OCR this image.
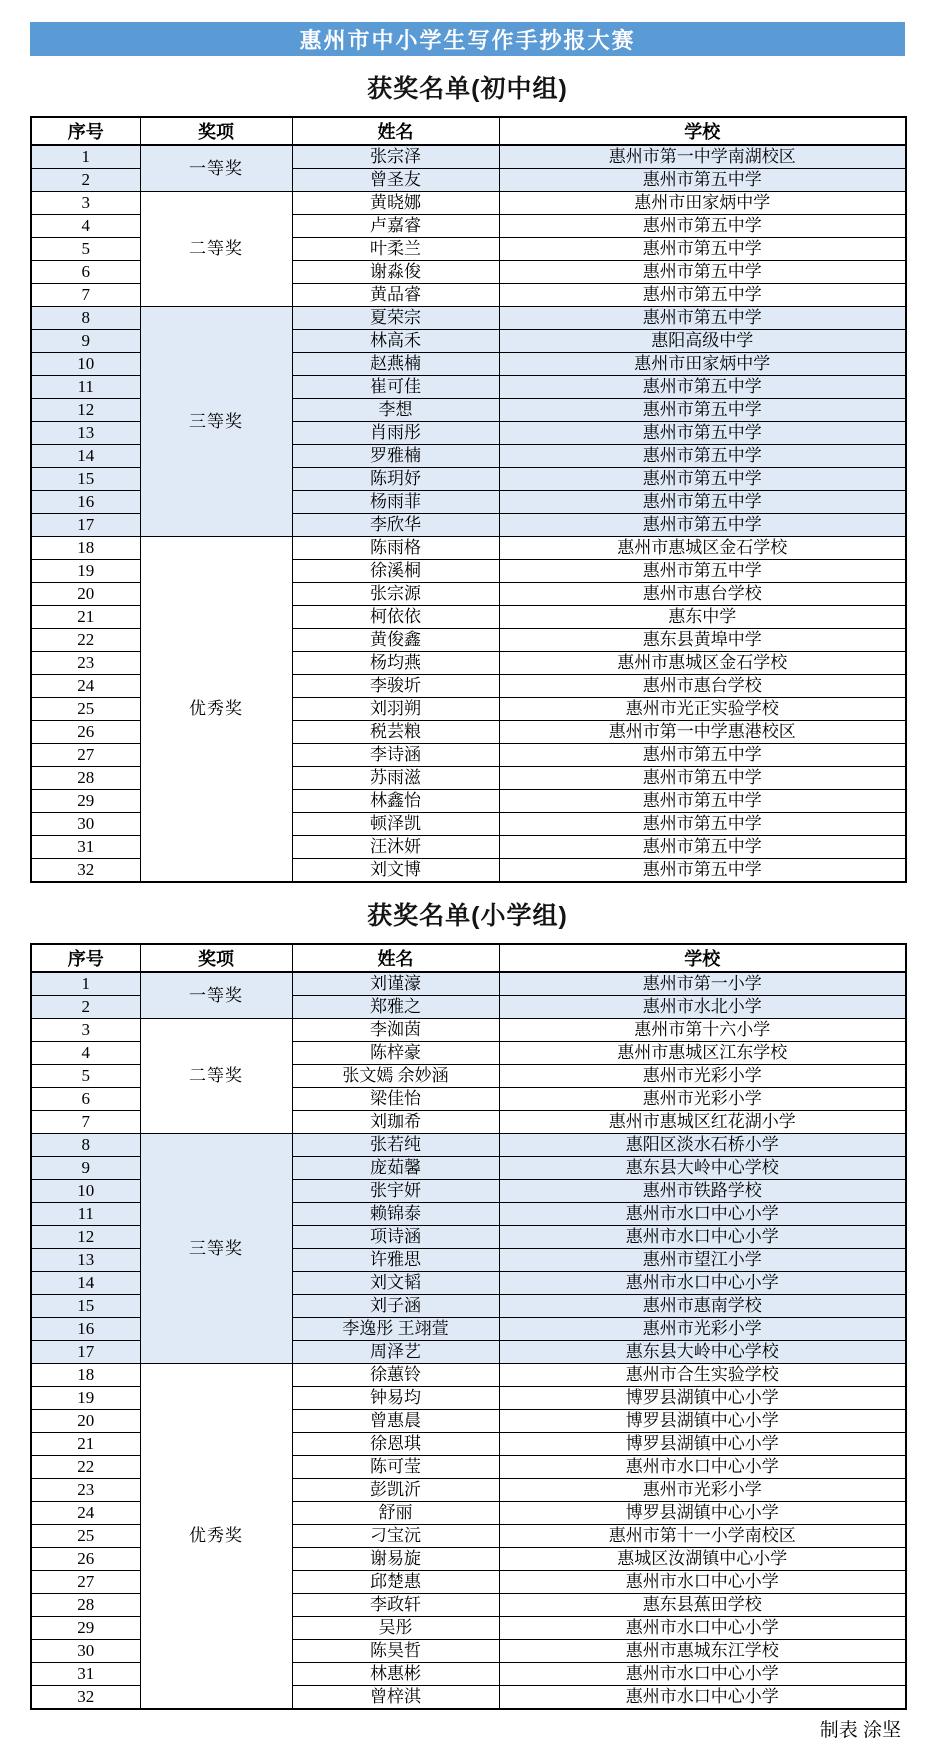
惠州市中小学生写作手抄报大赛
获奖名单(初中组)
序号	奖项	姓名	学校
1	一等奖	张宗泽	惠州市第一中学南湖校区
2		曾圣友	惠州市第五中学
3	二等奖	黄晓娜	惠州市田家炳中学
4		卢嘉睿	惠州市第五中学
5		叶柔兰	惠州市第五中学
6		谢淼俊	惠州市第五中学
7		黄品睿	惠州市第五中学
8	三等奖	夏荣宗	惠州市第五中学
9		林高禾	惠阳高级中学
10		赵燕楠	惠州市田家炳中学
11		崔可佳	惠州市第五中学
12		李想	惠州市第五中学
13		肖雨彤	惠州市第五中学
14		罗雅楠	惠州市第五中学
15		陈玥妤	惠州市第五中学
16		杨雨菲	惠州市第五中学
17		李欣华	惠州市第五中学
18	优秀奖	陈雨格	惠州市惠城区金石学校
19		徐溪桐	惠州市第五中学
20		张宗源	惠州市惠台学校
21		柯依依	惠东中学
22		黄俊鑫	惠东县黄埠中学
23		杨均燕	惠州市惠城区金石学校
24		李骏圻	惠州市惠台学校
25		刘羽朔	惠州市光正实验学校
26		税芸粮	惠州市第一中学惠港校区
27		李诗涵	惠州市第五中学
28		苏雨滋	惠州市第五中学
29		林鑫怡	惠州市第五中学
30		顿泽凯	惠州市第五中学
31		汪沐妍	惠州市第五中学
32		刘文博	惠州市第五中学
获奖名单(小学组)
序号	奖项	姓名	学校
1	一等奖	刘谨濠	惠州市第一小学
2		郑雅之	惠州市水北小学
3	二等奖	李洳茵	惠州市第十六小学
4		陈梓豪	惠州市惠城区江东学校
5		张文嫣 余妙涵	惠州市光彩小学
6		梁佳怡	惠州市光彩小学
7		刘珈希	惠州市惠城区红花湖小学
8	三等奖	张若纯	惠阳区淡水石桥小学
9		庞茹馨	惠东县大岭中心学校
10		张宇妍	惠州市铁路学校
11		赖锦泰	惠州市水口中心小学
12		项诗涵	惠州市水口中心小学
13		许雅思	惠州市望江小学
14		刘文韬	惠州市水口中心小学
15		刘子涵	惠州市惠南学校
16		李逸彤 王翊萱	惠州市光彩小学
17		周泽艺	惠东县大岭中心学校
18	优秀奖	徐蕙铃	惠州市合生实验学校
19		钟易均	博罗县湖镇中心小学
20		曾惠晨	博罗县湖镇中心小学
21		徐恩琪	博罗县湖镇中心小学
22		陈可莹	惠州市水口中心小学
23		彭凯沂	惠州市光彩小学
24		舒丽	博罗县湖镇中心小学
25		刁宝沅	惠州市第十一小学南校区
26		谢易旋	惠城区汝湖镇中心小学
27		邱楚惠	惠州市水口中心小学
28		李政轩	惠东县蕉田学校
29		吴彤	惠州市水口中心小学
30		陈昊哲	惠州市惠城东江学校
31		林惠彬	惠州市水口中心小学
32		曾梓淇	惠州市水口中心小学
制表 涂坚
